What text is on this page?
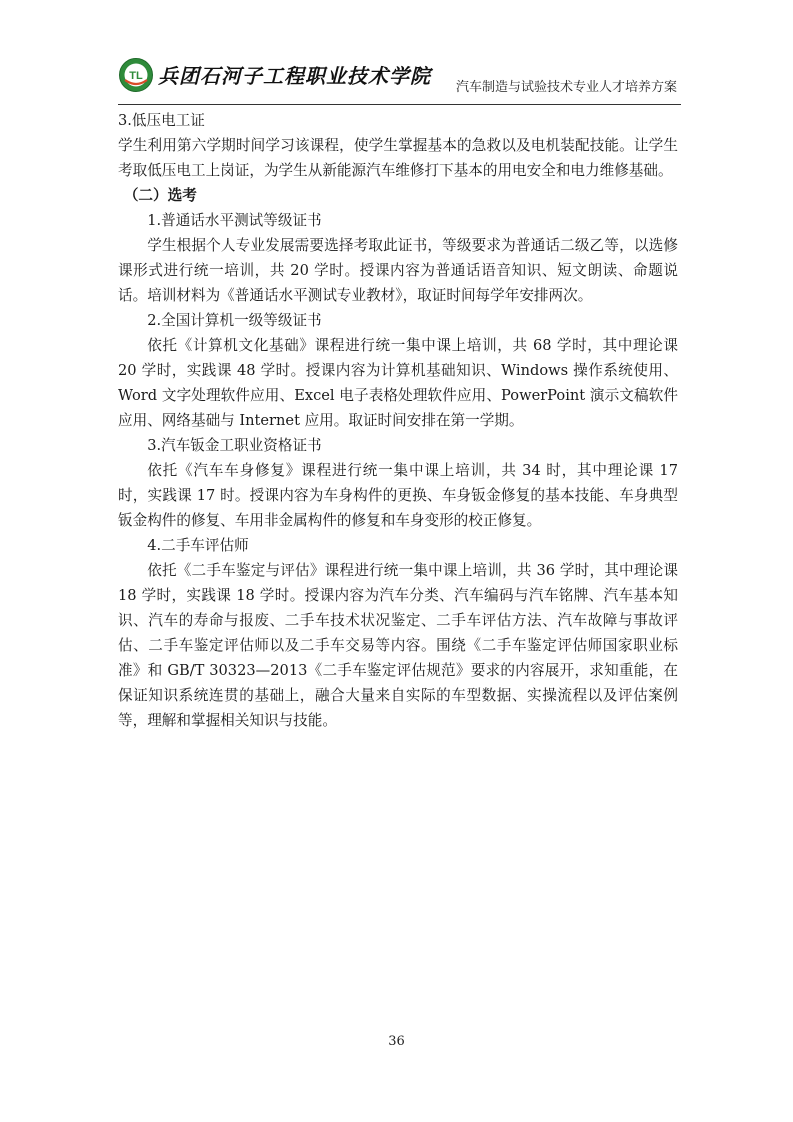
TL 兵团石河子工程职业技术学院 汽车制造与试验技术专业人才培养方案

3.低压电工证

学生利用第六学期时间学习该课程，使学生掌握基本的急救以及电机装配技能。让学生考取低压电工上岗证，为学生从新能源汽车维修打下基本的用电安全和电力维修基础。

（二）选考

1.普通话水平测试等级证书

学生根据个人专业发展需要选择考取此证书，等级要求为普通话二级乙等，以选修课形式进行统一培训，共 20 学时。授课内容为普通话语音知识、短文朗读、命题说话。培训材料为《普通话水平测试专业教材》，取证时间每学年安排两次。

2.全国计算机一级等级证书

依托《计算机文化基础》课程进行统一集中课上培训，共 68 学时，其中理论课 20 学时，实践课 48 学时。授课内容为计算机基础知识、Windows 操作系统使用、Word 文字处理软件应用、Excel 电子表格处理软件应用、PowerPoint 演示文稿软件应用、网络基础与 Internet 应用。取证时间安排在第一学期。

3.汽车钣金工职业资格证书

依托《汽车车身修复》课程进行统一集中课上培训，共 34 时，其中理论课 17 时，实践课 17 时。授课内容为车身构件的更换、车身钣金修复的基本技能、车身典型钣金构件的修复、车用非金属构件的修复和车身变形的校正修复。

4.二手车评估师

依托《二手车鉴定与评估》课程进行统一集中课上培训，共 36 学时，其中理论课 18 学时，实践课 18 学时。授课内容为汽车分类、汽车编码与汽车铭牌、汽车基本知识、汽车的寿命与报废、二手车技术状况鉴定、二手车评估方法、汽车故障与事故评估、二手车鉴定评估师以及二手车交易等内容。围绕《二手车鉴定评估师国家职业标准》和 GB/T 30323—2013《二手车鉴定评估规范》要求的内容展开，求知重能，在保证知识系统连贯的基础上，融合大量来自实际的车型数据、实操流程以及评估案例等，理解和掌握相关知识与技能。

36
